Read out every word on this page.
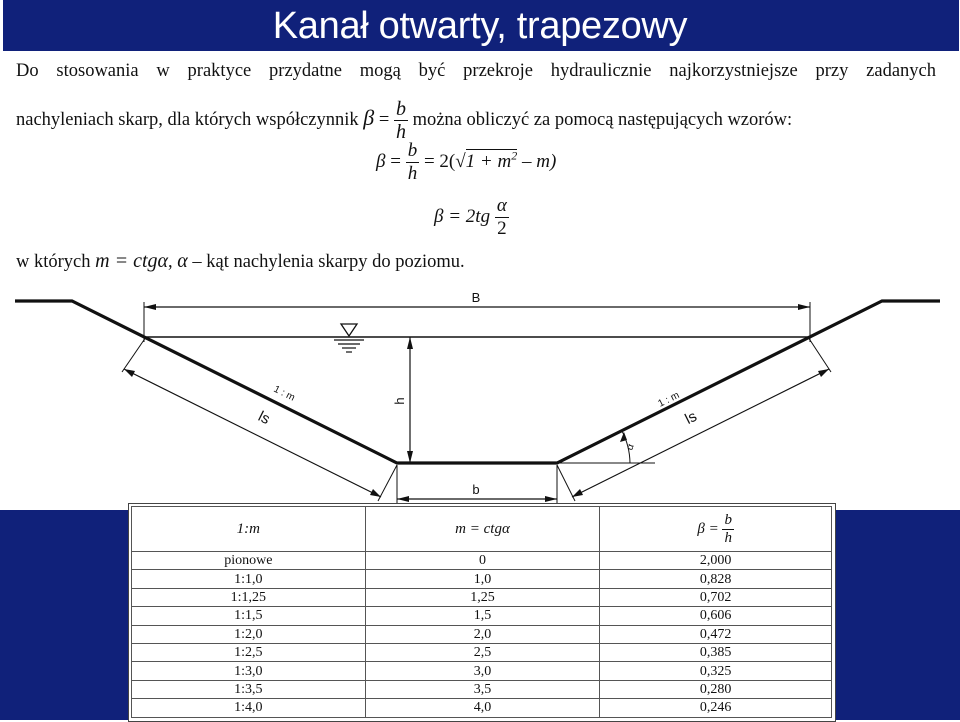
Kanał otwarty, trapezowy
Do stosowania w praktyce przydatne mogą być przekroje hydraulicznie najkorzystniejsze przy zadanych
nachyleniach skarp, dla których współczynnik $\beta = \frac{b}{h}$ można obliczyć za pomocą następujących wzorów:
$\beta = \frac{b}{h} = 2(√1 + m^2 - m)$
$\beta = 2tg \frac{\alpha}{2}$
w których m = ctgα, α – kąt nachylenia skarpy do poziomu.
B
h
b
ls	ls
1 : m	1 : m
α
1:m	m = ctgα	$\beta = \frac{b}{h}$

pionowe	0	2,000
1:1,0	1,0	0,828
1:1,25	1,25	0,702
1:1,5	1,5	0,606
1:2,0	2,0	0,472
1:2,5	2,5	0,385
1:3,0	3,0	0,325
1:3,5	3,5	0,280
1:4,0	4,0	0,246
